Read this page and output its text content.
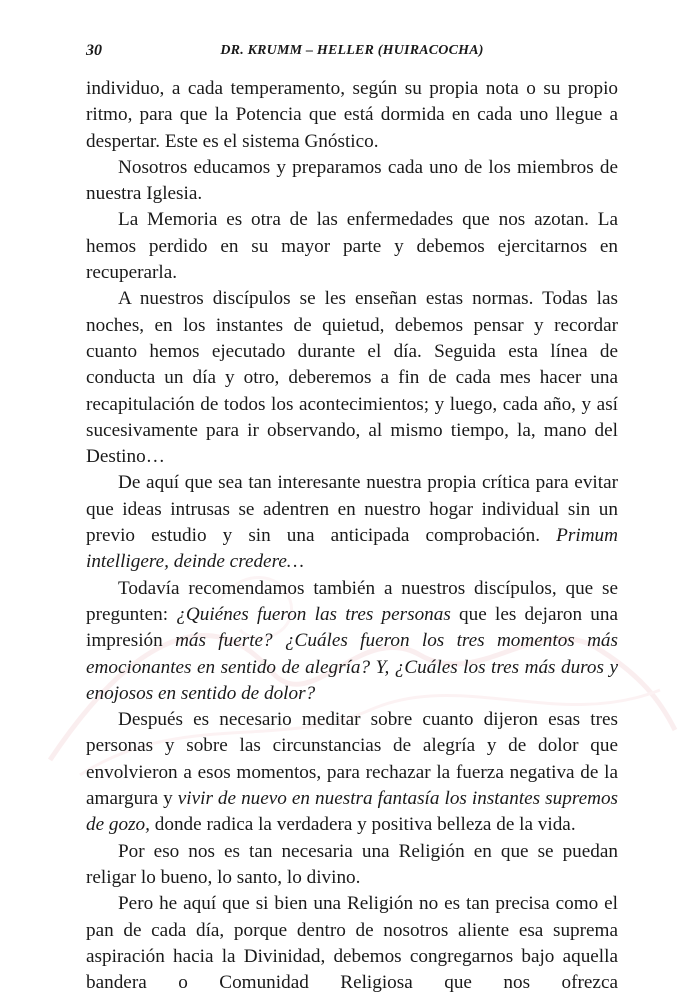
30	DR. KRUMM – HELLER (HUIRACOCHA)

individuo, a cada temperamento, según su propia nota o su propio ritmo, para que la Potencia que está dormida en cada uno llegue a despertar. Este es el sistema Gnóstico.

Nosotros educamos y preparamos cada uno de los miembros de nuestra Iglesia.

La Memoria es otra de las enfermedades que nos azotan. La hemos perdido en su mayor parte y debemos ejercitarnos en recuperarla.

A nuestros discípulos se les enseñan estas normas. Todas las noches, en los instantes de quietud, debemos pensar y recordar cuanto hemos ejecutado durante el día. Seguida esta línea de conducta un día y otro, deberemos a fin de cada mes hacer una recapitulación de todos los acontecimientos; y luego, cada año, y así sucesivamente para ir observando, al mismo tiempo, la, mano del Destino…

De aquí que sea tan interesante nuestra propia crítica para evitar que ideas intrusas se adentren en nuestro hogar individual sin un previo estudio y sin una anticipada comprobación. Primum intelligere, deinde credere…

Todavía recomendamos también a nuestros discípulos, que se pregunten: ¿Quiénes fueron las tres personas que les dejaron una impresión más fuerte? ¿Cuáles fueron los tres momentos más emocionantes en sentido de alegría? Y, ¿Cuáles los tres más duros y enojosos en sentido de dolor?

Después es necesario meditar sobre cuanto dijeron esas tres personas y sobre las circunstancias de alegría y de dolor que envolvieron a esos momentos, para rechazar la fuerza negativa de la amargura y vivir de nuevo en nuestra fantasía los instantes supremos de gozo, donde radica la verdadera y positiva belleza de la vida.

Por eso nos es tan necesaria una Religión en que se puedan religar lo bueno, lo santo, lo divino.

Pero he aquí que si bien una Religión no es tan precisa como el pan de cada día, porque dentro de nosotros aliente esa suprema aspiración hacia la Divinidad, debemos congregarnos bajo aquella bandera o Comunidad Religiosa que nos ofrezca
